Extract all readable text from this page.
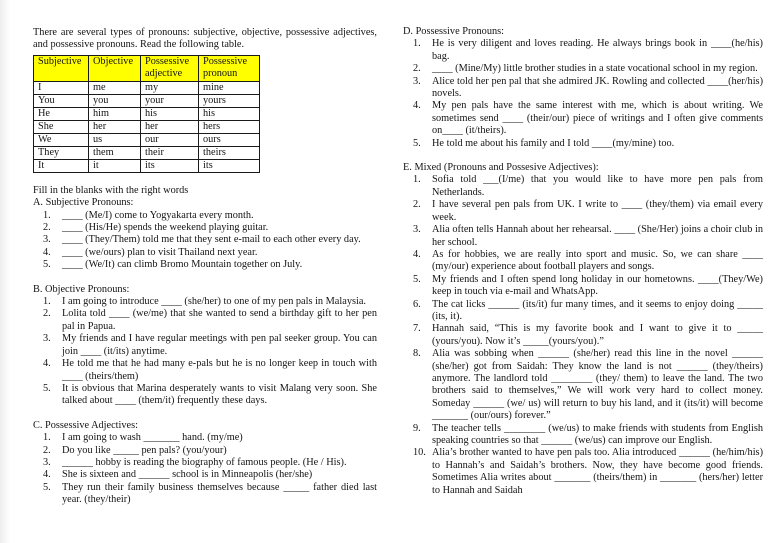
There are several types of pronouns: subjective, objective, possessive adjectives, and possessive pronouns. Read the following table.

Subjective	Objective	Possessive adjective	Possessive pronoun
I	me	my	mine
You	you	your	yours
He	him	his	his
She	her	her	hers
We	us	our	ours
They	them	their	theirs
It	it	its	its
Fill in the blanks with the right words
A. Subjective Pronouns:
1.	____ (Me/I) come to Yogyakarta every month.
2.	____ (His/He) spends the weekend playing guitar.
3.	____ (They/Them) told me that they sent e-mail to each other every day.
4.	____ (we/ours) plan to visit Thailand next year.
5.	____ (We/It) can climb Bromo Mountain together on July.
B. Objective Pronouns:
1.	I am going to introduce ____ (she/her) to one of my pen pals in Malaysia.
2.	Lolita told ____ (we/me) that she wanted to send a birthday gift to her pen pal in Papua.
3.	My friends and I have regular meetings with pen pal seeker group. You can join ____ (it/its) anytime.
4.	He told me that he had many e-pals but he is no longer keep in touch with ____ (theirs/them)
5.	It is obvious that Marina desperately wants to visit Malang very soon. She talked about ____ (them/it) frequently these days.
C. Possessive Adjectives:
1.	I am going to wash _______ hand. (my/me)
2.	Do you like _____ pen pals? (you/your)
3.	______ hobby is reading the biography of famous people. (He / His).
4.	She is sixteen and ______ school is in Minneapolis (her/she)
5.	They run their family business themselves because _____ father died last year. (they/their)
D. Possessive Pronouns:
1.	He is very diligent and loves reading. He always brings book in ____(he/his) bag.
2.	____ (Mine/My) little brother studies in a state vocational school in my region.
3.	Alice told her pen pal that she admired JK. Rowling and collected ____(her/his) novels.
4.	My pen pals have the same interest with me, which is about writing. We sometimes send ____ (their/our) piece of writings and I often give comments on____ (it/theirs).
5.	He told me about his family and I told ____(my/mine) too.
E. Mixed (Pronouns and Possesive Adjectives):
1.	Sofia told ___(I/me) that you would like to have more pen pals from Netherlands.
2.	I have several pen pals from UK. I write to ____ (they/them) via email every week.
3.	Alia often tells Hannah about her rehearsal. ____ (She/Her) joins a choir club in her school.
4.	As for hobbies, we are really into sport and music. So, we can share ____ (my/our) experience about football players and songs.
5.	My friends and I often spend long holiday in our hometowns. ____(They/We) keep in touch via e-mail and WhatsApp.
6.	The cat licks ______ (its/it) fur many times, and it seems to enjoy doing _____ (its, it).
7.	Hannah said, “This is my favorite book and I want to give it to _____ (yours/you). Now it’s _____(yours/you).”
8.	Alia was sobbing when ______ (she/her) read this line in the novel ______ (she/her) got from Saidah: They know the land is not ______ (they/theirs) anymore. The landlord told ________ (they/ them) to leave the land. The two brothers said to themselves,” We will work very hard to collect money. Someday ______ (we/ us) will return to buy his land, and it (its/it) will become _______ (our/ours) forever.”
9.	The teacher tells ________ (we/us) to make friends with students from English speaking countries so that ______ (we/us) can improve our English.
10. Alia’s brother wanted to have pen pals too. Alia introduced ______ (he/him/his) to Hannah’s and Saidah’s brothers. Now, they have become good friends. Sometimes Alia writes about _______ (theirs/them) in _______ (hers/her) letter to Hannah and Saidah
